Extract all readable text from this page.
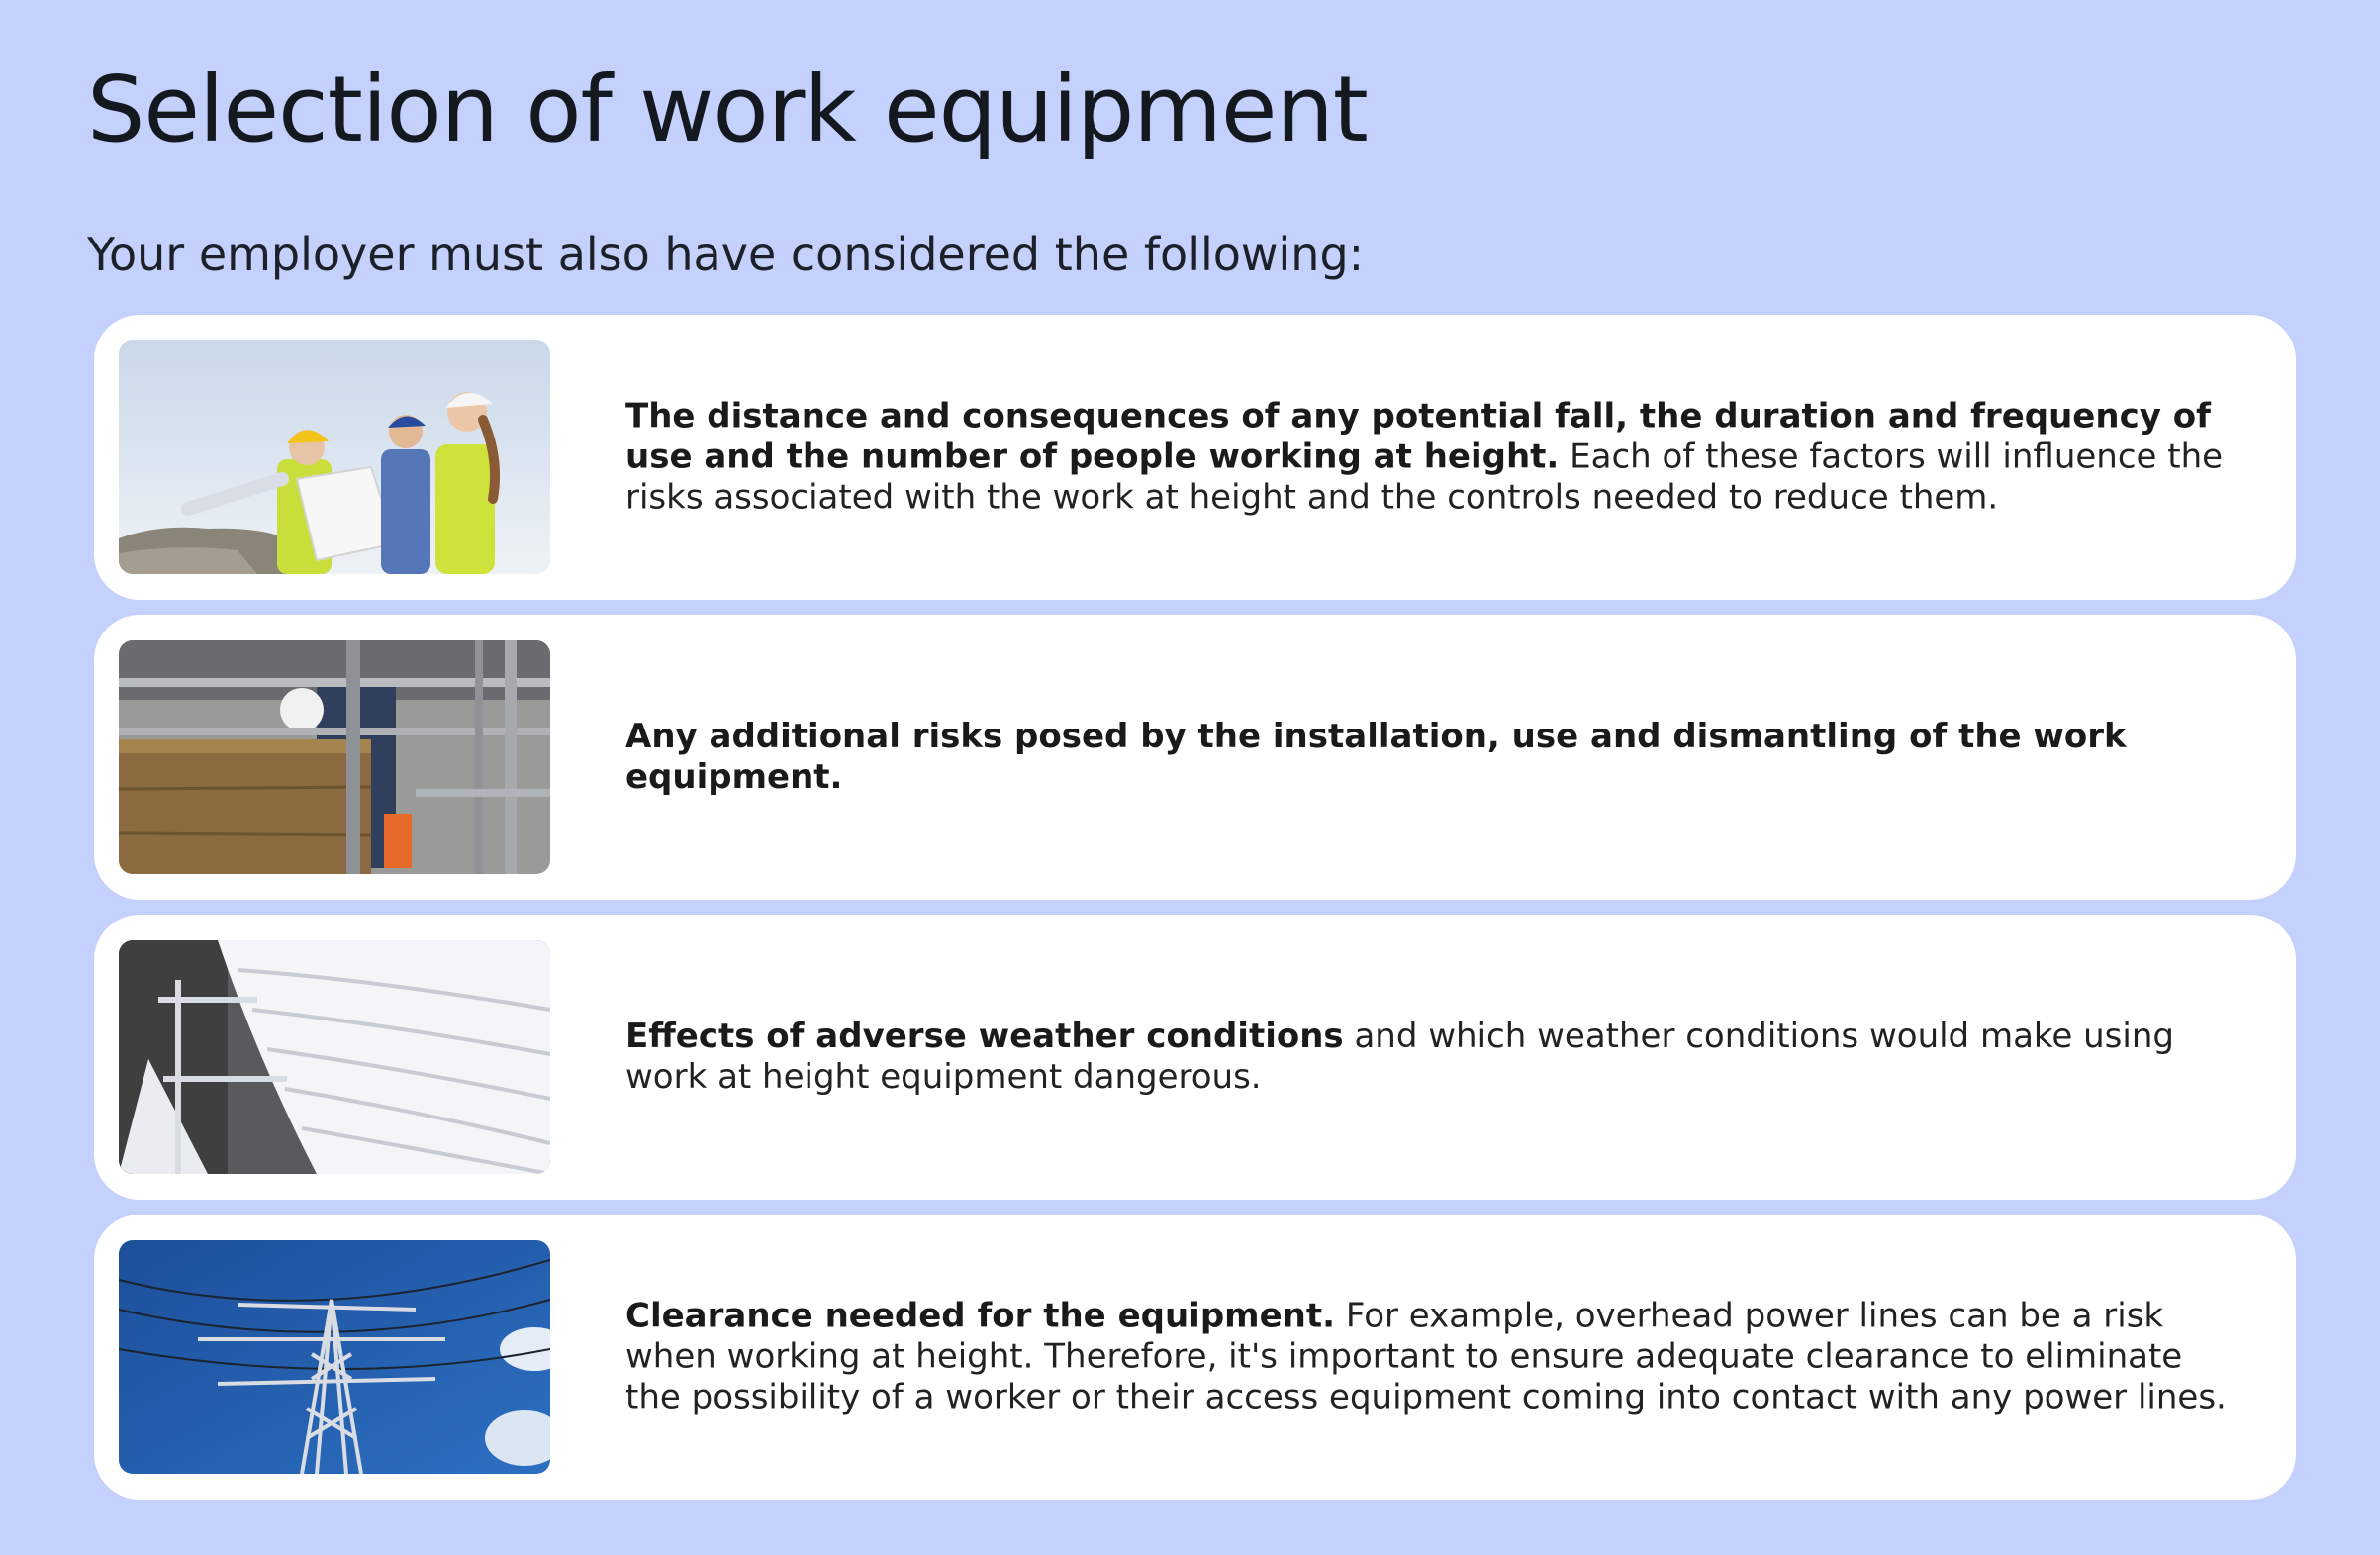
Selection of work equipment

Your employer must also have considered the following:

The distance and consequences of any potential fall, the duration and frequency of use and the number of people working at height. Each of these factors will influence the risks associated with the work at height and the controls needed to reduce them.
Any additional risks posed by the installation, use and dismantling of the work equipment.
Effects of adverse weather conditions and which weather conditions would make using work at height equipment dangerous.
Clearance needed for the equipment. For example, overhead power lines can be a risk when working at height. Therefore, it's important to ensure adequate clearance to eliminate the possibility of a worker or their access equipment coming into contact with any power lines.
